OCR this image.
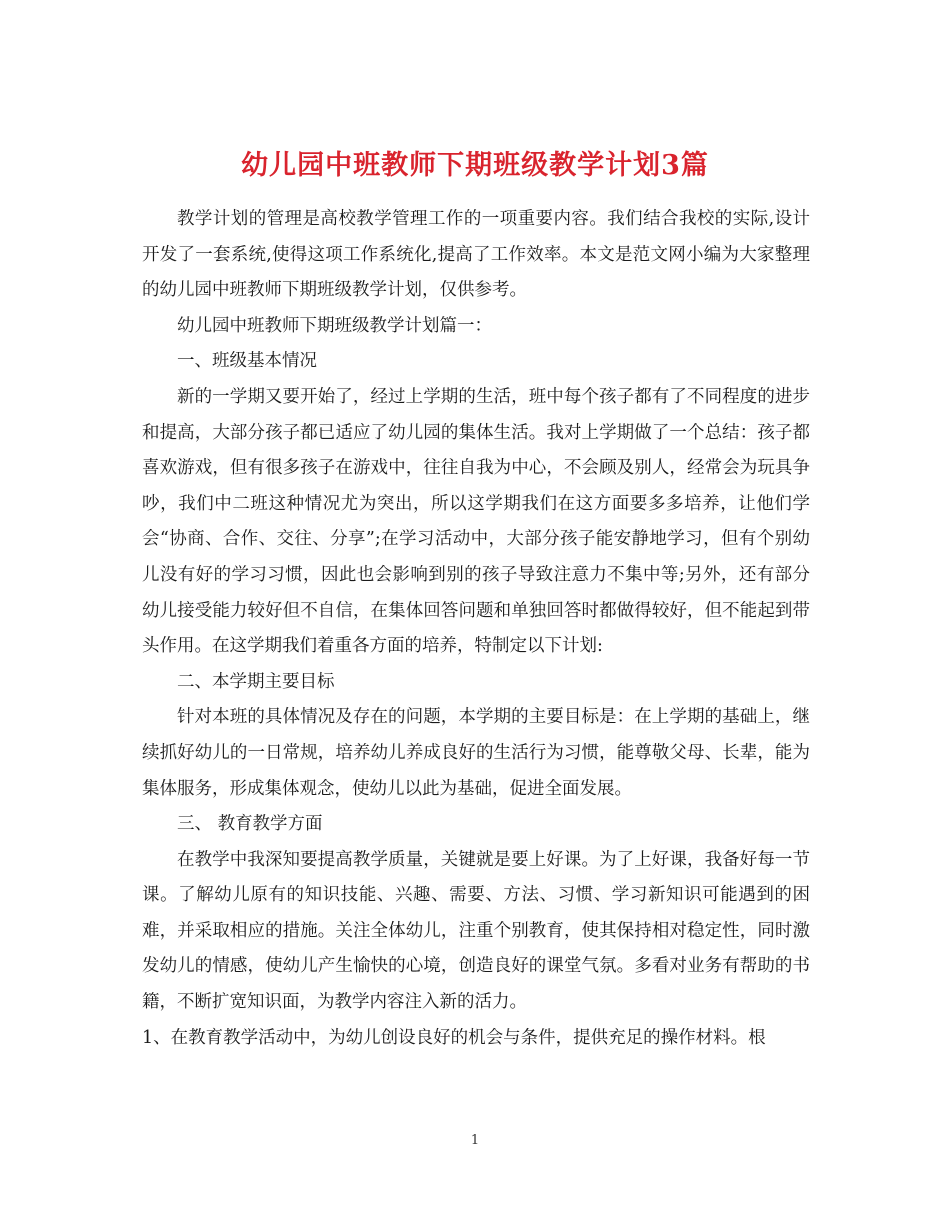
幼儿园中班教师下期班级教学计划3篇

教学计划的管理是高校教学管理工作的一项重要内容。我们结合我校的实际,设计开发了一套系统,使得这项工作系统化,提高了工作效率。本文是范文网小编为大家整理的幼儿园中班教师下期班级教学计划，仅供参考。

幼儿园中班教师下期班级教学计划篇一：

一、班级基本情况

新的一学期又要开始了，经过上学期的生活，班中每个孩子都有了不同程度的进步和提高，大部分孩子都已适应了幼儿园的集体生活。我对上学期做了一个总结：孩子都喜欢游戏，但有很多孩子在游戏中，往往自我为中心，不会顾及别人，经常会为玩具争吵，我们中二班这种情况尤为突出，所以这学期我们在这方面要多多培养，让他们学会“协商、合作、交往、分享”;在学习活动中，大部分孩子能安静地学习，但有个别幼儿没有好的学习习惯，因此也会影响到别的孩子导致注意力不集中等;另外，还有部分幼儿接受能力较好但不自信，在集体回答问题和单独回答时都做得较好，但不能起到带头作用。在这学期我们着重各方面的培养，特制定以下计划:

二、本学期主要目标

针对本班的具体情况及存在的问题，本学期的主要目标是：在上学期的基础上，继续抓好幼儿的一日常规，培养幼儿养成良好的生活行为习惯，能尊敬父母、长辈，能为集体服务，形成集体观念，使幼儿以此为基础，促进全面发展。

三、 教育教学方面

在教学中我深知要提高教学质量，关键就是要上好课。为了上好课，我备好每一节课。了解幼儿原有的知识技能、兴趣、需要、方法、习惯、学习新知识可能遇到的困难，并采取相应的措施。关注全体幼儿，注重个别教育，使其保持相对稳定性，同时激发幼儿的情感，使幼儿产生愉快的心境，创造良好的课堂气氛。多看对业务有帮助的书籍，不断扩宽知识面，为教学内容注入新的活力。

1、在教育教学活动中，为幼儿创设良好的机会与条件，提供充足的操作材料。根

1
